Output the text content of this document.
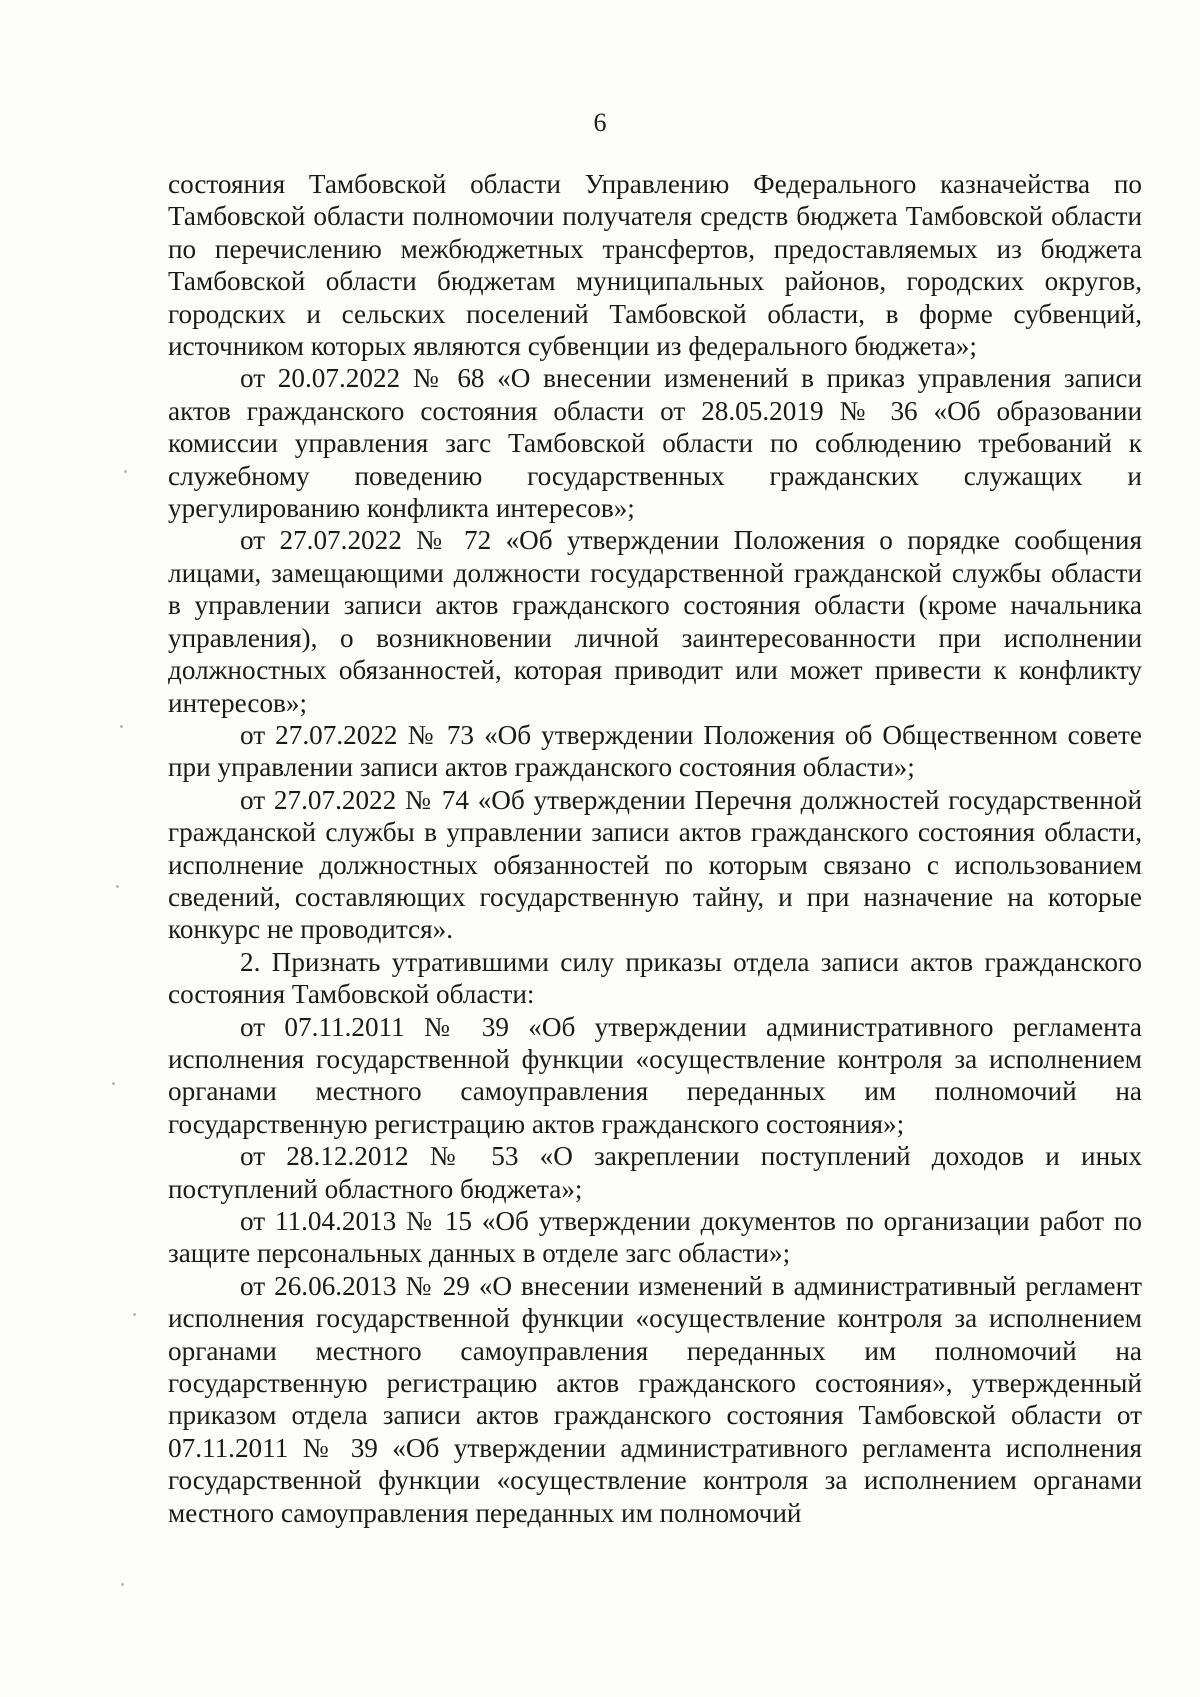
6

состояния Тамбовской области Управлению Федерального казначейства по Тамбовской области полномочии получателя средств бюджета Тамбовской области по перечислению межбюджетных трансфертов, предоставляемых из бюджета Тамбовской области бюджетам муниципальных районов, городских округов, городских и сельских поселений Тамбовской области, в форме субвенций, источником которых являются субвенции из федерального бюджета»;

от 20.07.2022 № 68 «О внесении изменений в приказ управления записи актов гражданского состояния области от 28.05.2019 № 36 «Об образовании комиссии управления загс Тамбовской области по соблюдению требований к служебному поведению государственных гражданских служащих и урегулированию конфликта интересов»;

от 27.07.2022 № 72 «Об утверждении Положения о порядке сообщения лицами, замещающими должности государственной гражданской службы области в управлении записи актов гражданского состояния области (кроме начальника управления), о возникновении личной заинтересованности при исполнении должностных обязанностей, которая приводит или может привести к конфликту интересов»;

от 27.07.2022 № 73 «Об утверждении Положения об Общественном совете при управлении записи актов гражданского состояния области»;

от 27.07.2022 № 74 «Об утверждении Перечня должностей государственной гражданской службы в управлении записи актов гражданского состояния области, исполнение должностных обязанностей по которым связано с использованием сведений, составляющих государственную тайну, и при назначение на которые конкурс не проводится».

2. Признать утратившими силу приказы отдела записи актов гражданского состояния Тамбовской области:

от 07.11.2011 № 39 «Об утверждении административного регламента исполнения государственной функции «осуществление контроля за исполнением органами местного самоуправления переданных им полномочий на государственную регистрацию актов гражданского состояния»;

от 28.12.2012 № 53 «О закреплении поступлений доходов и иных поступлений областного бюджета»;

от 11.04.2013 № 15 «Об утверждении документов по организации работ по защите персональных данных в отделе загс области»;

от 26.06.2013 № 29 «О внесении изменений в административный регламент исполнения государственной функции «осуществление контроля за исполнением органами местного самоуправления переданных им полномочий на государственную регистрацию актов гражданского состояния», утвержденный приказом отдела записи актов гражданского состояния Тамбовской области от 07.11.2011 № 39 «Об утверждении административного регламента исполнения государственной функции «осуществление контроля за исполнением органами местного самоуправления переданных им полномочий
